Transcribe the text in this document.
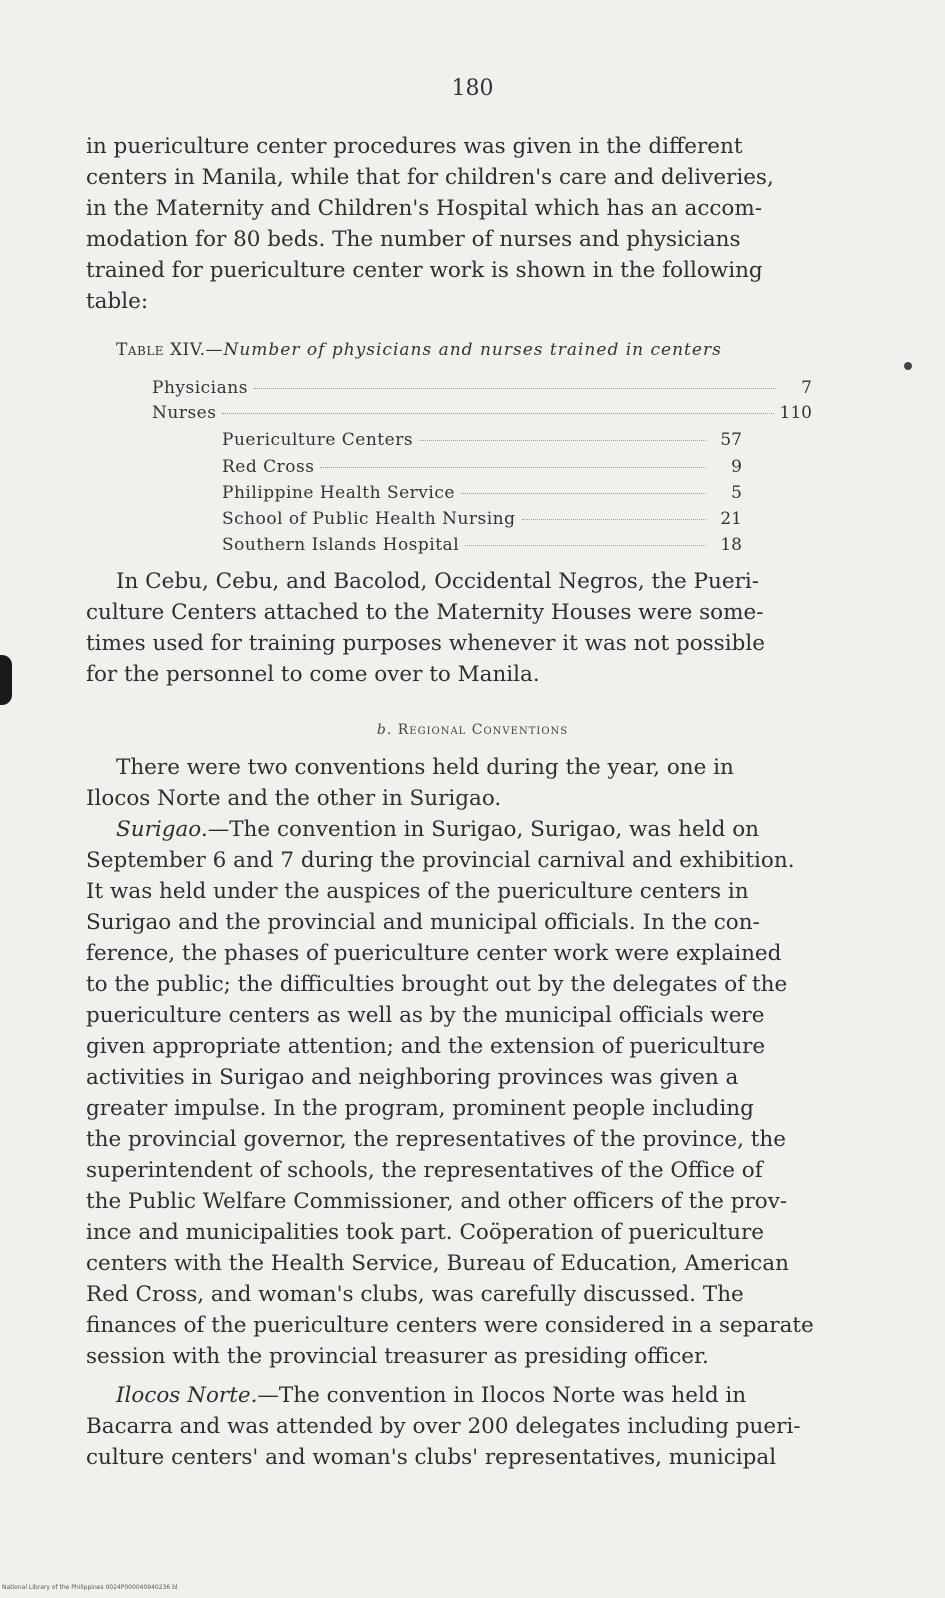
180

in puericulture center procedures was given in the different
centers in Manila, while that for children's care and deliveries,
in the Maternity and Children's Hospital which has an accom-
modation for 80 beds. The number of nurses and physicians
trained for puericulture center work is shown in the following
table:

Table XIV.—Number of physicians and nurses trained in centers
Physicians	7
Nurses	110
Puericulture Centers	57
Red Cross	9
Philippine Health Service	5
School of Public Health Nursing	21
Southern Islands Hospital	18

In Cebu, Cebu, and Bacolod, Occidental Negros, the Pueri-
culture Centers attached to the Maternity Houses were some-
times used for training purposes whenever it was not possible
for the personnel to come over to Manila.

b. Regional Conventions

There were two conventions held during the year, one in
Ilocos Norte and the other in Surigao.

Surigao.—The convention in Surigao, Surigao, was held on
September 6 and 7 during the provincial carnival and exhibition.
It was held under the auspices of the puericulture centers in
Surigao and the provincial and municipal officials. In the con-
ference, the phases of puericulture center work were explained
to the public; the difficulties brought out by the delegates of the
puericulture centers as well as by the municipal officials were
given appropriate attention; and the extension of puericulture
activities in Surigao and neighboring provinces was given a
greater impulse. In the program, prominent people including
the provincial governor, the representatives of the province, the
superintendent of schools, the representatives of the Office of
the Public Welfare Commissioner, and other officers of the prov-
ince and municipalities took part. Coöperation of puericulture
centers with the Health Service, Bureau of Education, American
Red Cross, and woman's clubs, was carefully discussed. The
finances of the puericulture centers were considered in a separate
session with the provincial treasurer as presiding officer.

Ilocos Norte.—The convention in Ilocos Norte was held in
Bacarra and was attended by over 200 delegates including pueri-
culture centers' and woman's clubs' representatives, municipal

National Library of the Philippines 0024P000040940236 bl
